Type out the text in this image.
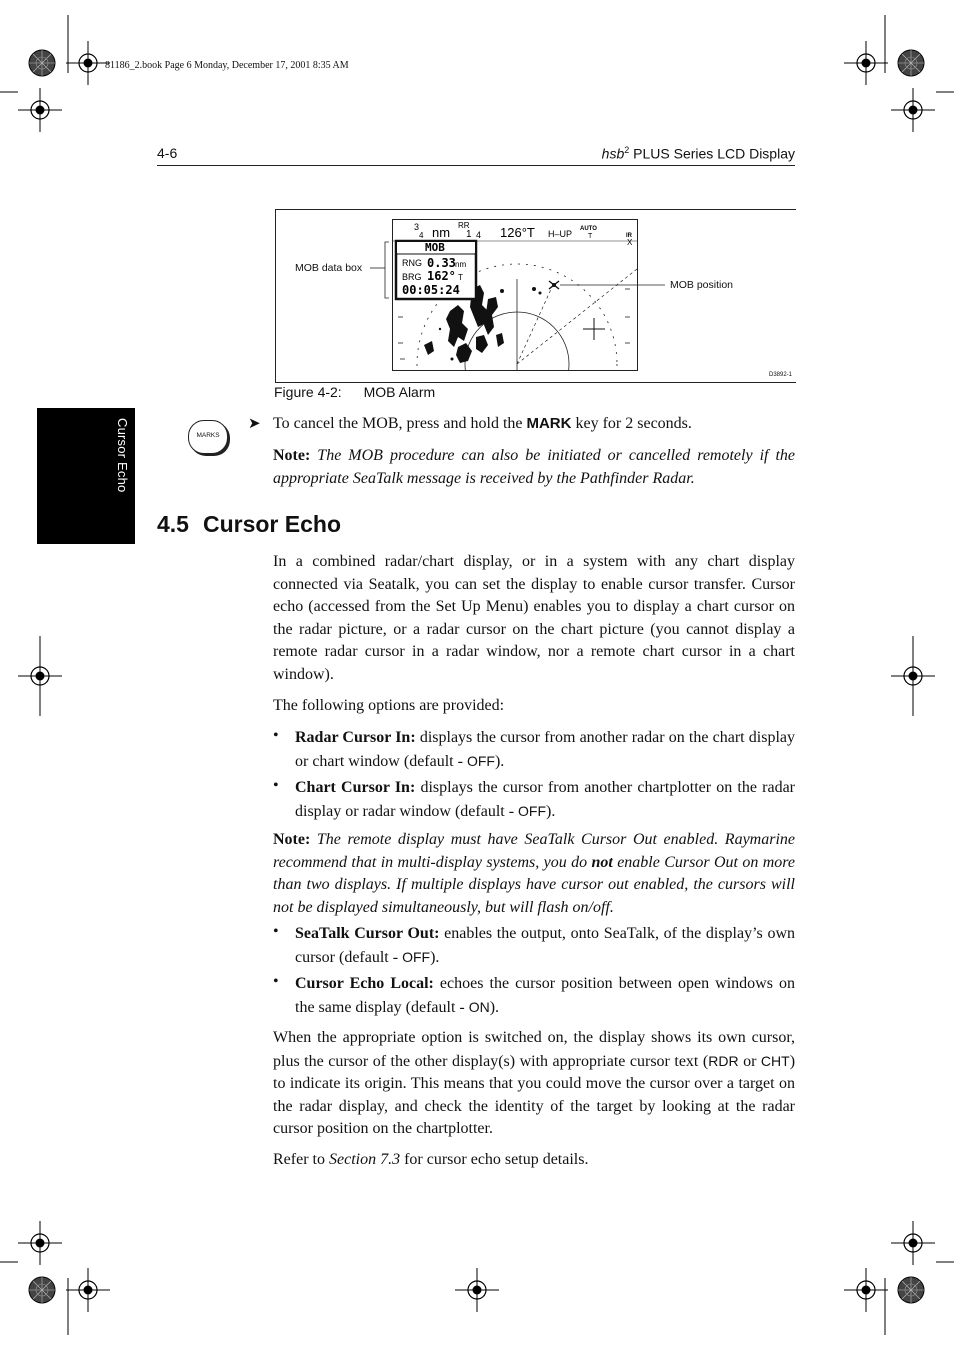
81186_2.book Page 6 Monday, December 17, 2001 8:35 AM
4-6	hsb$^2$ PLUS Series LCD Display
Cursor Echo
3
4 nm RR
1 4 126°T H–UP AUTO
T	IR
X
MOB
RNG 0.33 nm
BRG 162° T
00:05:24
MOB data box
MOB position
D3892-1
Figure 4-2: MOB Alarm
MARKS
➤ To cancel the MOB, press and hold the MARK key for 2 seconds.
Note: The MOB procedure can also be initiated or cancelled remotely if the appropriate SeaTalk message is received by the Pathfinder Radar.
4.5 Cursor Echo
In a combined radar/chart display, or in a system with any chart display connected via Seatalk, you can set the display to enable cursor transfer. Cursor echo (accessed from the Set Up Menu) enables you to display a chart cursor on the radar picture, or a radar cursor on the chart picture (you cannot display a remote radar cursor in a radar window, nor a remote chart cursor in a chart window).
The following options are provided:
• Radar Cursor In: displays the cursor from another radar on the chart display or chart window (default - OFF).
• Chart Cursor In: displays the cursor from another chartplotter on the radar display or radar window (default - OFF).
Note: The remote display must have SeaTalk Cursor Out enabled. Raymarine recommend that in multi-display systems, you do not enable Cursor Out on more than two displays. If multiple displays have cursor out enabled, the cursors will not be displayed simultaneously, but will flash on/off.
• SeaTalk Cursor Out: enables the output, onto SeaTalk, of the display’s own cursor (default - OFF).
• Cursor Echo Local: echoes the cursor position between open windows on the same display (default - ON).
When the appropriate option is switched on, the display shows its own cursor, plus the cursor of the other display(s) with appropriate cursor text (RDR or CHT) to indicate its origin. This means that you could move the cursor over a target on the radar display, and check the identity of the target by looking at the radar cursor position on the chartplotter.
Refer to Section 7.3 for cursor echo setup details.
